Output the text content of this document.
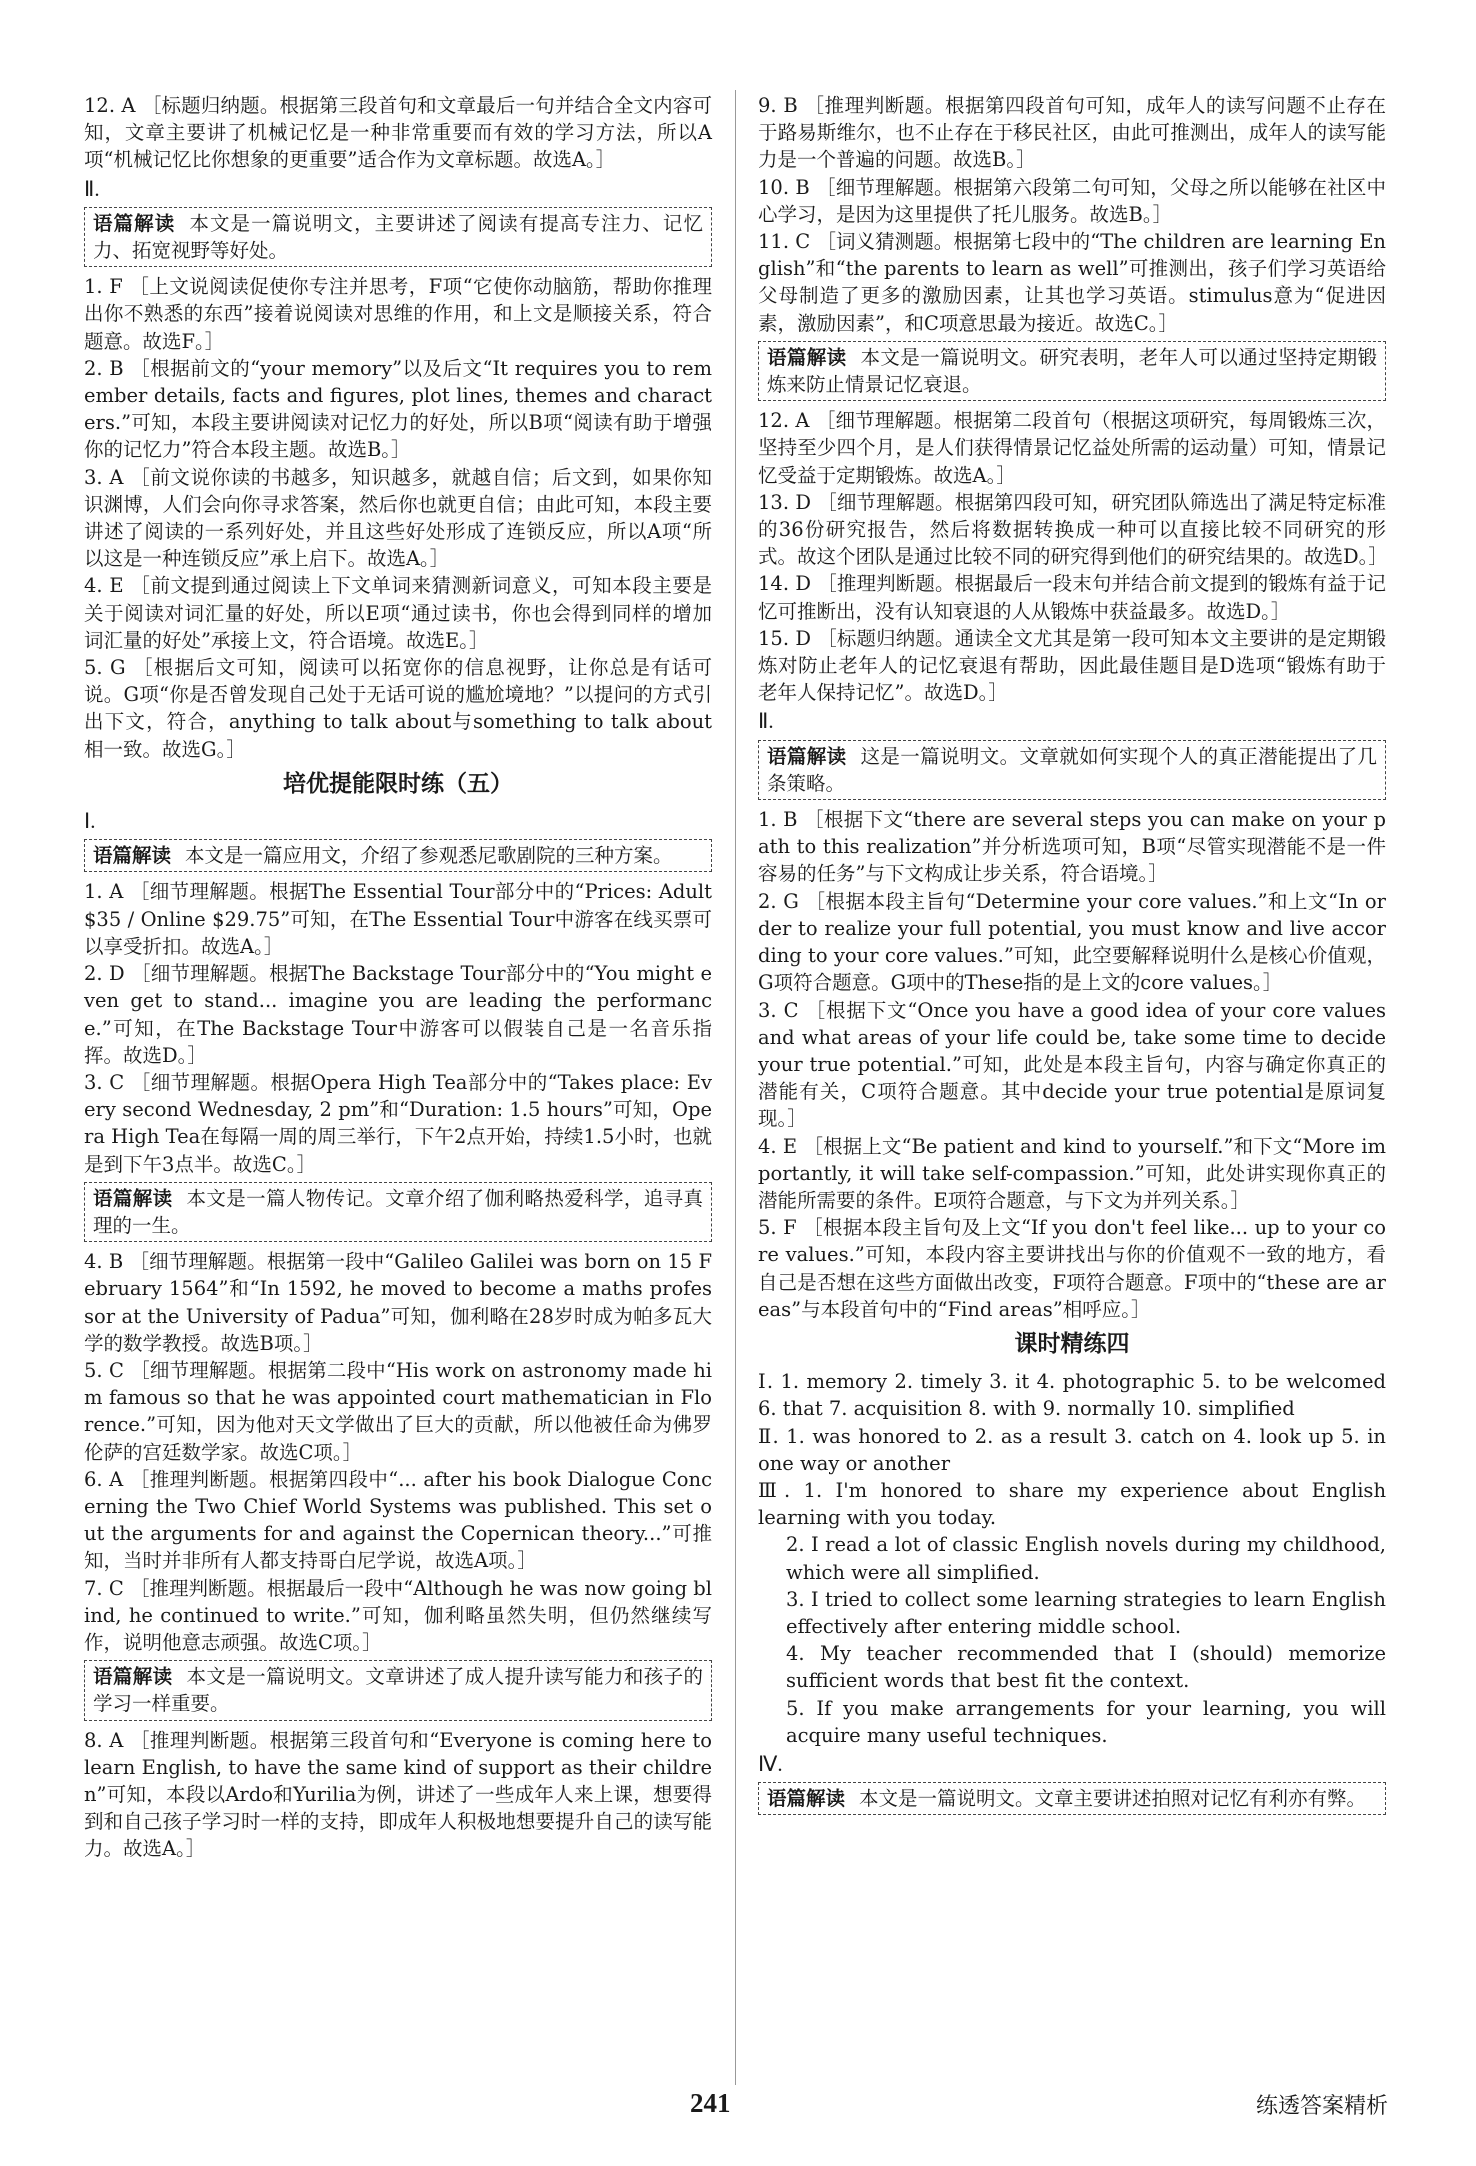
12. A ［标题归纳题。根据第三段首句和文章最后一句并结合全文内容可知，文章主要讲了机械记忆是一种非常重要而有效的学习方法，所以A项“机械记忆比你想象的更重要”适合作为文章标题。故选A。］

Ⅱ.

语篇解读 本文是一篇说明文，主要讲述了阅读有提高专注力、记忆力、拓宽视野等好处。

1. F ［上文说阅读促使你专注并思考，F项“它使你动脑筋，帮助你推理出你不熟悉的东西”接着说阅读对思维的作用，和上文是顺接关系，符合题意。故选F。］

2. B ［根据前文的“your memory”以及后文“It requires you to remember details, facts and figures, plot lines, themes and characters.”可知，本段主要讲阅读对记忆力的好处，所以B项“阅读有助于增强你的记忆力”符合本段主题。故选B。］

3. A ［前文说你读的书越多，知识越多，就越自信；后文到，如果你知识渊博，人们会向你寻求答案，然后你也就更自信；由此可知，本段主要讲述了阅读的一系列好处，并且这些好处形成了连锁反应，所以A项“所以这是一种连锁反应”承上启下。故选A。］

4. E ［前文提到通过阅读上下文单词来猜测新词意义，可知本段主要是关于阅读对词汇量的好处，所以E项“通过读书，你也会得到同样的增加词汇量的好处”承接上文，符合语境。故选E。］

5. G ［根据后文可知，阅读可以拓宽你的信息视野，让你总是有话可说。G项“你是否曾发现自己处于无话可说的尴尬境地？”以提问的方式引出下文，符合，anything to talk about与something to talk about相一致。故选G。］

培优提能限时练（五）

Ⅰ.

语篇解读 本文是一篇应用文，介绍了参观悉尼歌剧院的三种方案。

1. A ［细节理解题。根据The Essential Tour部分中的“Prices: Adult $35 / Online $29.75”可知，在The Essential Tour中游客在线买票可以享受折扣。故选A。］

2. D ［细节理解题。根据The Backstage Tour部分中的“You might even get to stand... imagine you are leading the performance.”可知，在The Backstage Tour中游客可以假装自己是一名音乐指挥。故选D。］

3. C ［细节理解题。根据Opera High Tea部分中的“Takes place: Every second Wednesday, 2 pm”和“Duration: 1.5 hours”可知，Opera High Tea在每隔一周的周三举行，下午2点开始，持续1.5小时，也就是到下午3点半。故选C。］

语篇解读 本文是一篇人物传记。文章介绍了伽利略热爱科学，追寻真理的一生。

4. B ［细节理解题。根据第一段中“Galileo Galilei was born on 15 February 1564”和“In 1592, he moved to become a maths professor at the University of Padua”可知，伽利略在28岁时成为帕多瓦大学的数学教授。故选B项。］

5. C ［细节理解题。根据第二段中“His work on astronomy made him famous so that he was appointed court mathematician in Florence.”可知，因为他对天文学做出了巨大的贡献，所以他被任命为佛罗伦萨的宫廷数学家。故选C项。］

6. A ［推理判断题。根据第四段中“... after his book Dialogue Concerning the Two Chief World Systems was published. This set out the arguments for and against the Copernican theory...”可推知，当时并非所有人都支持哥白尼学说，故选A项。］

7. C ［推理判断题。根据最后一段中“Although he was now going blind, he continued to write.”可知，伽利略虽然失明，但仍然继续写作，说明他意志顽强。故选C项。］

语篇解读 本文是一篇说明文。文章讲述了成人提升读写能力和孩子的学习一样重要。

8. A ［推理判断题。根据第三段首句和“Everyone is coming here to learn English, to have the same kind of support as their children”可知，本段以Ardo和Yurilia为例，讲述了一些成年人来上课，想要得到和自己孩子学习时一样的支持，即成年人积极地想要提升自己的读写能力。故选A。］

9. B ［推理判断题。根据第四段首句可知，成年人的读写问题不止存在于路易斯维尔，也不止存在于移民社区，由此可推测出，成年人的读写能力是一个普遍的问题。故选B。］

10. B ［细节理解题。根据第六段第二句可知，父母之所以能够在社区中心学习，是因为这里提供了托儿服务。故选B。］

11. C ［词义猜测题。根据第七段中的“The children are learning English”和“the parents to learn as well”可推测出，孩子们学习英语给父母制造了更多的激励因素，让其也学习英语。stimulus意为“促进因素，激励因素”，和C项意思最为接近。故选C。］

语篇解读 本文是一篇说明文。研究表明，老年人可以通过坚持定期锻炼来防止情景记忆衰退。

12. A ［细节理解题。根据第二段首句（根据这项研究，每周锻炼三次，坚持至少四个月，是人们获得情景记忆益处所需的运动量）可知，情景记忆受益于定期锻炼。故选A。］

13. D ［细节理解题。根据第四段可知，研究团队筛选出了满足特定标准的36份研究报告，然后将数据转换成一种可以直接比较不同研究的形式。故这个团队是通过比较不同的研究得到他们的研究结果的。故选D。］

14. D ［推理判断题。根据最后一段末句并结合前文提到的锻炼有益于记忆可推断出，没有认知衰退的人从锻炼中获益最多。故选D。］

15. D ［标题归纳题。通读全文尤其是第一段可知本文主要讲的是定期锻炼对防止老年人的记忆衰退有帮助，因此最佳题目是D选项“锻炼有助于老年人保持记忆”。故选D。］

Ⅱ.

语篇解读 这是一篇说明文。文章就如何实现个人的真正潜能提出了几条策略。

1. B ［根据下文“there are several steps you can make on your path to this realization”并分析选项可知，B项“尽管实现潜能不是一件容易的任务”与下文构成让步关系，符合语境。］

2. G ［根据本段主旨句“Determine your core values.”和上文“In order to realize your full potential, you must know and live according to your core values.”可知，此空要解释说明什么是核心价值观，G项符合题意。G项中的These指的是上文的core values。］

3. C ［根据下文“Once you have a good idea of your core values and what areas of your life could be, take some time to decide your true potential.”可知，此处是本段主旨句，内容与确定你真正的潜能有关，C项符合题意。其中decide your true potential是原词复现。］

4. E ［根据上文“Be patient and kind to yourself.”和下文“More importantly, it will take self-compassion.”可知，此处讲实现你真正的潜能所需要的条件。E项符合题意，与下文为并列关系。］

5. F ［根据本段主旨句及上文“If you don't feel like... up to your core values.”可知，本段内容主要讲找出与你的价值观不一致的地方，看自己是否想在这些方面做出改变，F项符合题意。F项中的“these are areas”与本段首句中的“Find areas”相呼应。］

课时精练四

Ⅰ. 1. memory 2. timely 3. it 4. photographic 5. to be welcomed 6. that 7. acquisition 8. with 9. normally 10. simplified

Ⅱ. 1. was honored to 2. as a result 3. catch on 4. look up 5. in one way or another

Ⅲ. 1. I'm honored to share my experience about English learning with you today.

2. I read a lot of classic English novels during my childhood, which were all simplified.

3. I tried to collect some learning strategies to learn English effectively after entering middle school.

4. My teacher recommended that I (should) memorize sufficient words that best fit the context.

5. If you make arrangements for your learning, you will acquire many useful techniques.

Ⅳ.

语篇解读 本文是一篇说明文。文章主要讲述拍照对记忆有利亦有弊。
241	练透答案精析
